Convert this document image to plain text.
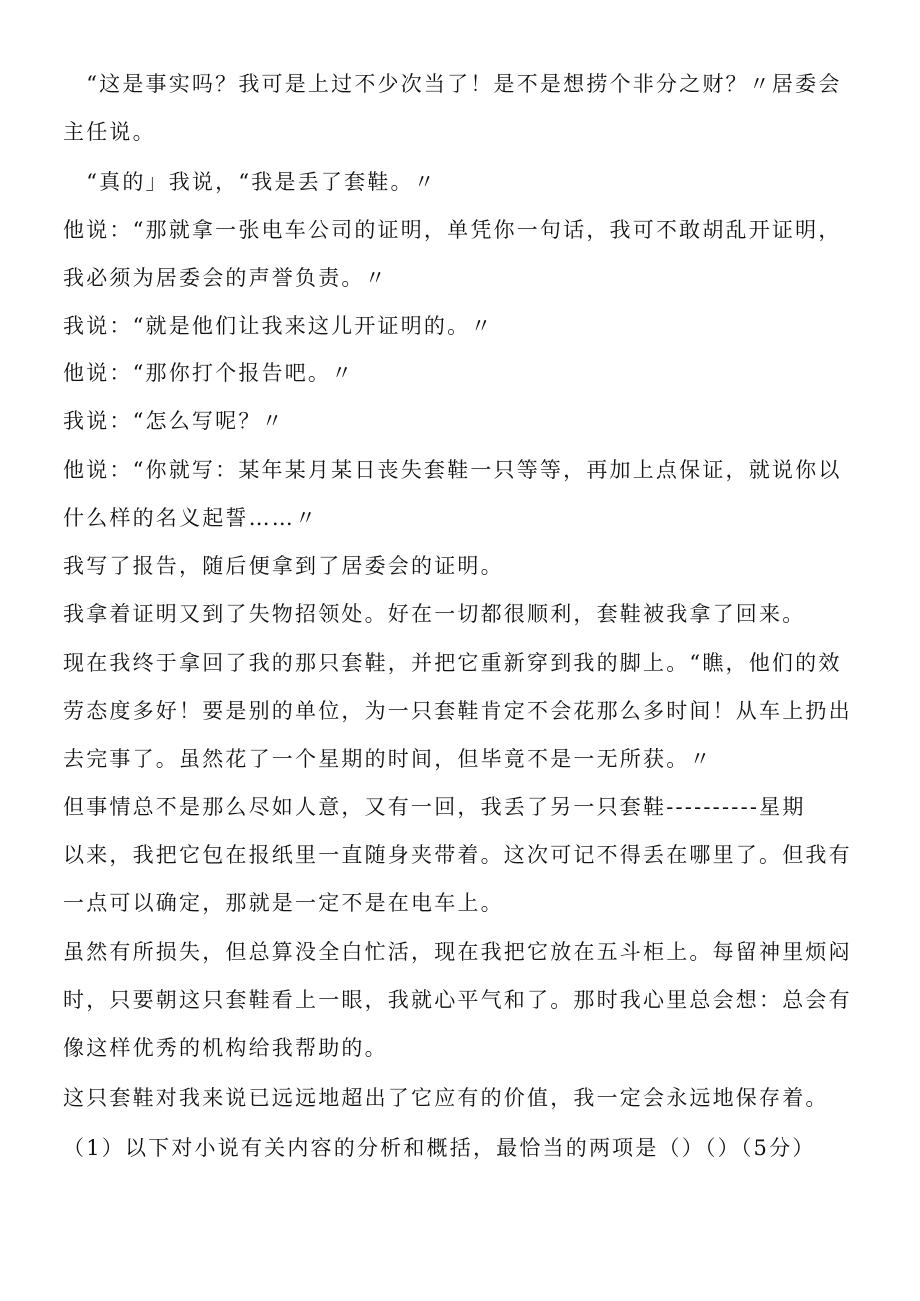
　“这是事实吗？我可是上过不少次当了！是不是想捞个非分之财？〃居委会
主任说。
　“真的」我说，“我是丢了套鞋。〃
他说：“那就拿一张电车公司的证明，单凭你一句话，我可不敢胡乱开证明，
我必须为居委会的声誉负责。〃
我说：“就是他们让我来这儿开证明的。〃
他说：“那你打个报告吧。〃
我说：“怎么写呢？〃
他说：“你就写：某年某月某日丧失套鞋一只等等，再加上点保证，就说你以
什么样的名义起誓……〃
我写了报告，随后便拿到了居委会的证明。
我拿着证明又到了失物招领处。好在一切都很顺利，套鞋被我拿了回来。
现在我终于拿回了我的那只套鞋，并把它重新穿到我的脚上。“瞧，他们的效
劳态度多好！要是别的单位，为一只套鞋肯定不会花那么多时间！从车上扔出
去完事了。虽然花了一个星期的时间，但毕竟不是一无所获。〃
但事情总不是那么尽如人意，又有一回，我丢了另一只套鞋----------星期
以来，我把它包在报纸里一直随身夹带着。这次可记不得丢在哪里了。但我有
一点可以确定，那就是一定不是在电车上。
虽然有所损失，但总算没全白忙活，现在我把它放在五斗柜上。每留神里烦闷
时，只要朝这只套鞋看上一眼，我就心平气和了。那时我心里总会想：总会有
像这样优秀的机构给我帮助的。
这只套鞋对我来说已远远地超出了它应有的价值，我一定会永远地保存着。
（1）以下对小说有关内容的分析和概括，最恰当的两项是（）（）（5分）
